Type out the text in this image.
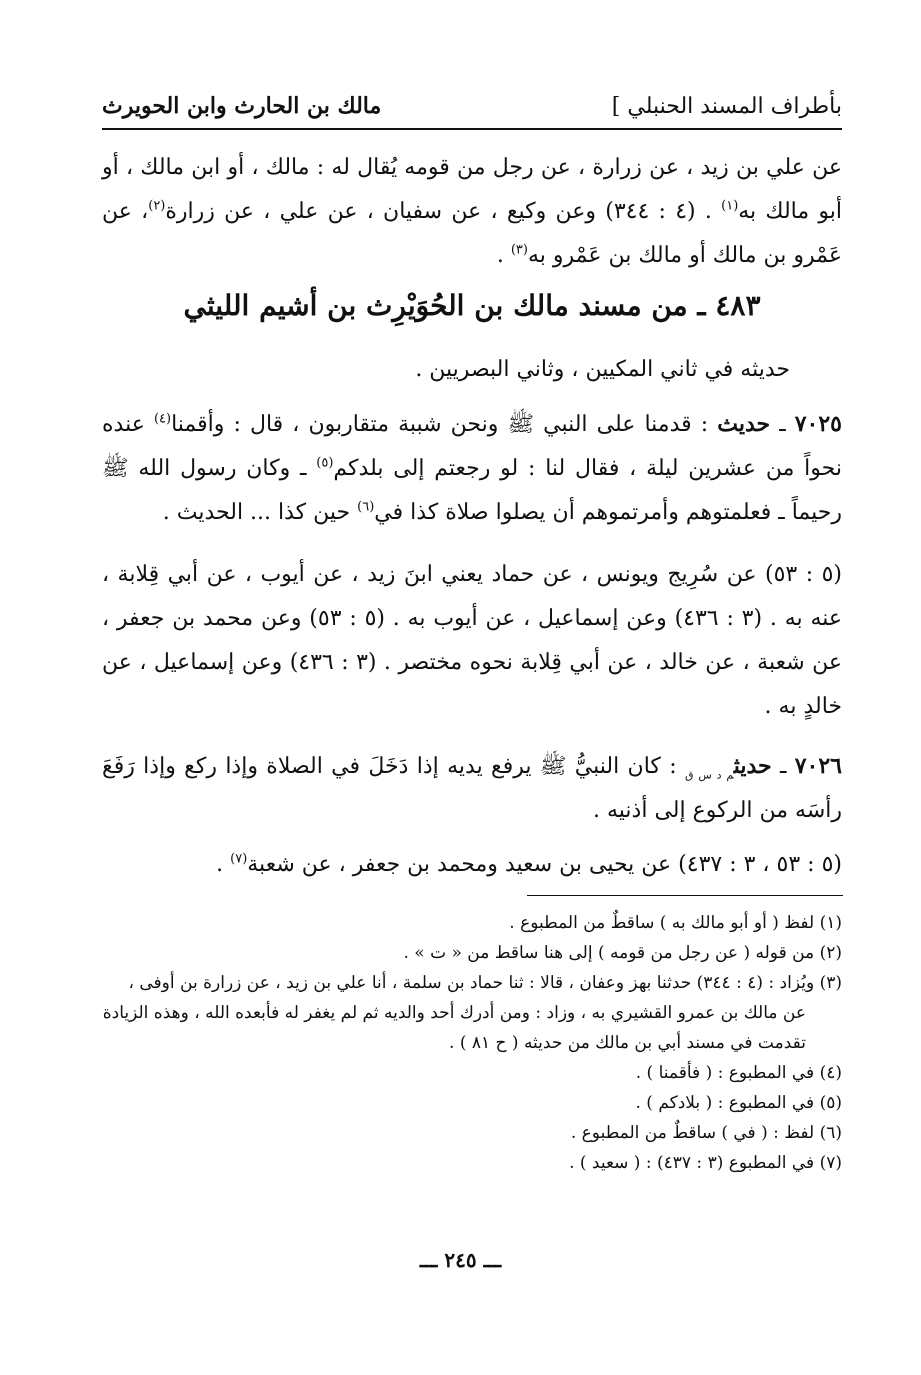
بأطراف المسند الحنبلي ]
مالك بن الحارث وابن الحويرث
عن علي بن زيد ، عن زرارة ، عن رجل من قومه يُقال له : مالك ، أو ابن مالك ، أو أبو مالك به$^{(١)}$ . (٤ : ٣٤٤) وعن وكيع ، عن سفيان ، عن علي ، عن زرارة$^{(٢)}$، عن عَمْرو بن مالك أو مالك بن عَمْرو به$^{(٣)}$ .
٤٨٣ ـ من مسند مالك بن الحُوَيْرِث بن أشيم الليثي
حديثه في ثاني المكيين ، وثاني البصريين .
٧٠٢٥ ـ حديث : قدمنا على النبي ﷺ ونحن شببة متقاربون ، قال : وأقمنا$^{(٤)}$ عنده نحواً من عشرين ليلة ، فقال لنا : لو رجعتم إلى بلدكم$^{(٥)}$ ـ وكان رسول الله ﷺ رحيماً ـ فعلمتوهم وأمرتموهم أن يصلوا صلاة كذا في$^{(٦)}$ حين كذا ... الحديث .
(٥ : ٥٣) عن سُرِيج ويونس ، عن حماد يعني ابنَ زيد ، عن أيوب ، عن أبي قِلابة ، عنه به . (٣ : ٤٣٦) وعن إسماعيل ، عن أيوب به . (٥ : ٥٣) وعن محمد بن جعفر ، عن شعبة ، عن خالد ، عن أبي قِلابة نحوه مختصر . (٣ : ٤٣٦) وعن إسماعيل ، عن خالدٍ به .
٧٠٢٦ ـ حديث$_{م د س ق}$ : كان النبيُّ ﷺ يرفع يديه إذا دَخَلَ في الصلاة وإذا ركع وإذا رَفَعَ رأسَه من الركوع إلى أذنيه .
(٥ : ٥٣ ، ٣ : ٤٣٧) عن يحيى بن سعيد ومحمد بن جعفر ، عن شعبة$^{(٧)}$ .
(١) لفظ ( أو أبو مالك به ) ساقطٌ من المطبوع .
(٢) من قوله ( عن رجل من قومه ) إلى هنا ساقط من « ت » .
(٣) ويُزاد : (٤ : ٣٤٤) حدثنا بهز وعفان ، قالا : ثنا حماد بن سلمة ، أنا علي بن زيد ، عن زرارة بن أوفى ،
عن مالك بن عمرو القشيري به ، وزاد : ومن أدرك أحد والديه ثم لم يغفر له فأبعده الله ، وهذه الزيادة
تقدمت في مسند أبي بن مالك من حديثه ( ح ٨١ ) .
(٤) في المطبوع : ( فأقمنا ) .
(٥) في المطبوع : ( بلادكم ) .
(٦) لفظ : ( في ) ساقطٌ من المطبوع .
(٧) في المطبوع (٣ : ٤٣٧) : ( سعيد ) .
ـــ ٢٤٥ ـــ
